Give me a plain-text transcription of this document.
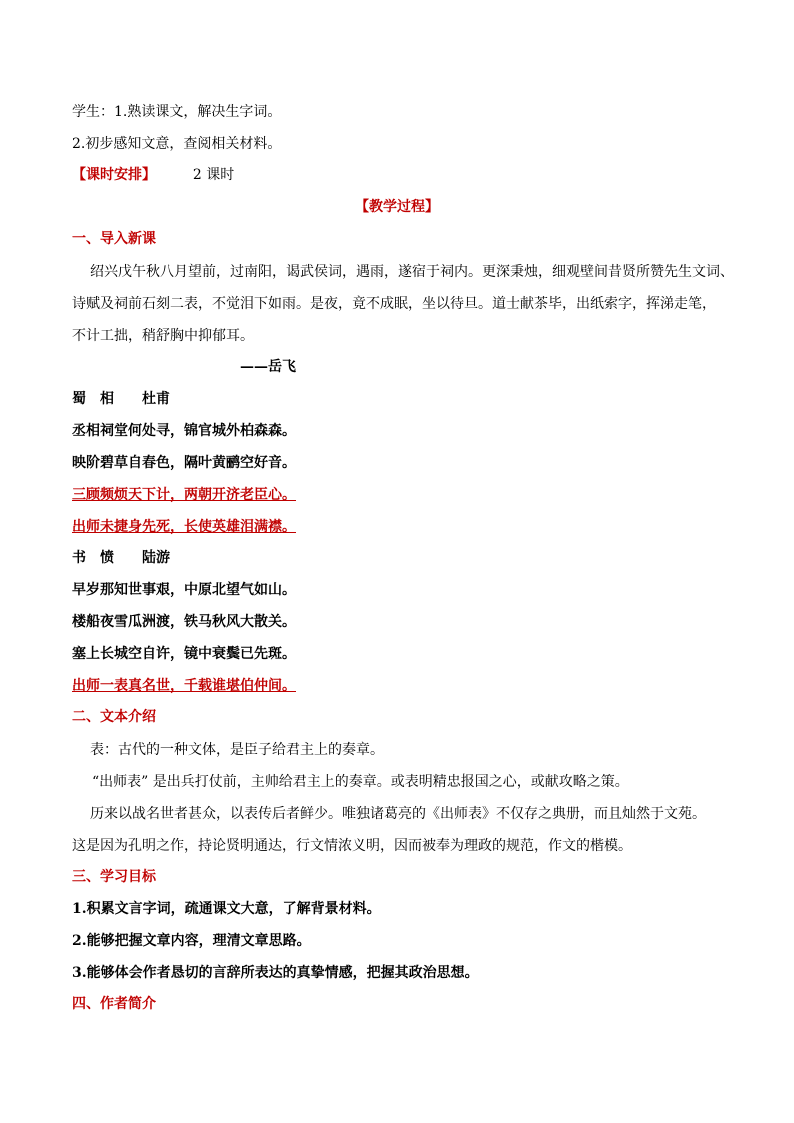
学生：1.熟读课文，解决生字词。
2.初步感知文意，查阅相关材料。
【课时安排】	2 课时
【教学过程】
一、导入新课
绍兴戊午秋八月望前，过南阳，谒武侯词，遇雨，遂宿于祠内。更深秉烛，细观壁间昔贤所赞先生文词、
诗赋及祠前石刻二表，不觉泪下如雨。是夜，竟不成眠，坐以待旦。道士献茶毕，出纸索字，挥涕走笔，
不计工拙，稍舒胸中抑郁耳。
——岳飞
蜀　相　　杜甫
丞相祠堂何处寻，锦官城外柏森森。
映阶碧草自春色，隔叶黄鹂空好音。
三顾频烦天下计，两朝开济老臣心。
出师未捷身先死，长使英雄泪满襟。
书　愤　　陆游
早岁那知世事艰，中原北望气如山。
楼船夜雪瓜洲渡，铁马秋风大散关。
塞上长城空自许，镜中衰鬓已先斑。
出师一表真名世，千载谁堪伯仲间。
二、文本介绍
表：古代的一种文体，是臣子给君主上的奏章。
“出师表” 是出兵打仗前，主帅给君主上的奏章。或表明精忠报国之心，或献攻略之策。
历来以战名世者甚众，以表传后者鲜少。唯独诸葛亮的《出师表》不仅存之典册，而且灿然于文苑。
这是因为孔明之作，持论贤明通达，行文情浓义明，因而被奉为理政的规范，作文的楷模。
三、学习目标
1.积累文言字词，疏通课文大意，了解背景材料。
2.能够把握文章内容，理清文章思路。
3.能够体会作者恳切的言辞所表达的真挚情感，把握其政治思想。
四、作者简介
